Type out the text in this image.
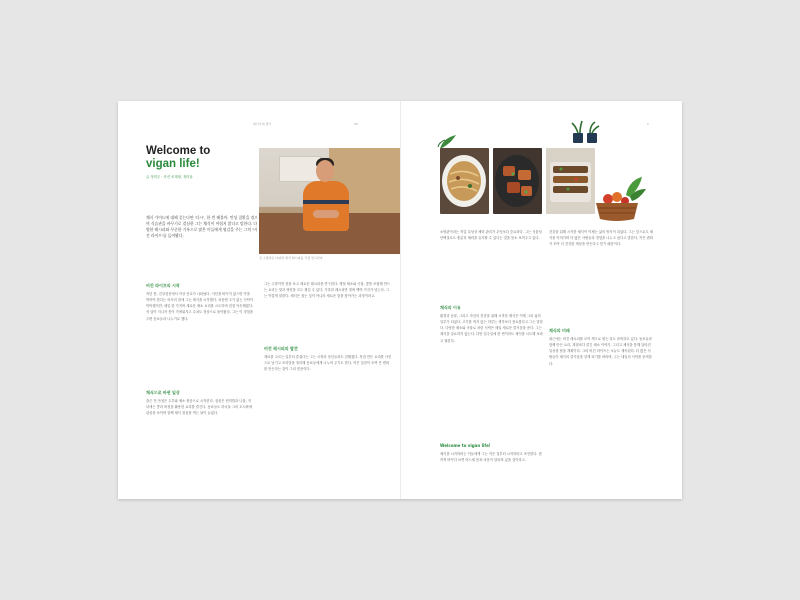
혁신가의 생각	55
Welcome to
vigan life!
글 정미우 · 사진 조재형, 정미윤
김 소방관은 다양한 채식 레시피를 직접 연구한다
채식 가이드에 대해 묻는다면 '다시', 한 번 해볼까. 만성 질환을 겪으며 식습관을 바꾸기로 결심한 그는 채식이 어렵지 않다고 말한다. 다양한 레시피와 꾸준한 기록으로 많은 이들에게 영감을 주는 그의 '비건 라이프'를 들어봤다.
비건 라이프의 시작
작년 봄, 건강검진에서 이상 신호가 나타났다. 식단을 바꾸지 않으면 약을 먹어야 한다는 의사의 말에 그는 채식을 시작했다. 처음엔 고기 없는 식탁이 막막했지만, 매일 한 가지씩 새로운 채소 요리를 시도하며 점점 익숙해졌다. 석 달이 지나자 몸이 가벼워지고 수치도 정상으로 돌아왔다. 그는 이 경험을 주변 동료들과 나누기로 했다.
채식으로 바뀐 일상
출근 전 아침은 두부와 채소 볶음으로 시작한다. 점심은 현미밥과 나물, 저녁에는 콩과 버섯을 활용한 요리를 즐긴다. 동료들도 하나둘 그의 도시락에 관심을 보이며 함께 채식 점심을 먹는 날이 늘었다.
그는 주말이면 장을 보고 새로운 레시피를 연구한다. 제철 채소와 곡물, 콩을 조합해 만드는 요리는 맛과 영양을 모두 챙길 수 있다. 기록한 레시피만 벌써 백여 가지가 넘는다. 그는 이렇게 말한다. 채식은 참는 것이 아니라 새로운 맛을 찾아가는 과정이라고.
비건 레시피의 발견
재료를 고르는 일부터 즐겁다는 그는 시장의 상인들과도 친해졌다. 직접 만든 요리를 사진으로 남기고 조리법을 정리해 동료들에게 나누어 주기도 한다. 작은 실천이 모여 큰 변화를 만든다는 것이 그의 믿음이다.
1
소방관이라는 직업 특성상 체력 관리가 무엇보다 중요하다. 그는 식물성 단백질로도 충분히 체력을 유지할 수 있다는 것을 몸소 보여주고 있다.
채식의 이유
환경과 동물, 그리고 자신의 건강을 위해 시작한 채식은 이제 그의 삶의 일부가 되었다. 고기를 먹지 않는 하루는 생각보다 풍요롭다고 그는 말한다. 다양한 채소와 곡물로 차린 식탁은 매일 새로운 즐거움을 준다. 그는 채식을 강요하지 않는다. 다만 일주일에 한 번이라도 채식을 시도해 보라고 권한다.
Welcome to vigan life!
채식을 시작하려는 이들에게 그는 작은 것부터 시작하라고 조언한다. 한 끼씩 바꾸다 보면 어느새 몸과 마음이 달라져 있을 것이라고.
건강을 위해 시작한 채식이 이제는 삶의 방식이 되었다. 그는 앞으로도 채식을 이어가며 더 많은 사람들과 경험을 나누고 싶다고 말한다. 작은 변화가 모여 더 건강한 세상을 만든다고 믿기 때문이다.
채식의 미래
최근에는 비건 레시피를 모아 책으로 엮는 일도 준비하고 있다. 동료들과 함께 만든 요리, 계절마다 즐긴 채소 이야기, 그리고 채식을 통해 달라진 일상을 담을 계획이다. 그의 비건 라이프는 오늘도 계속된다. 더 많은 사람들이 채식의 즐거움을 알게 되기를 바라며, 그는 내일의 식탁을 준비한다.
